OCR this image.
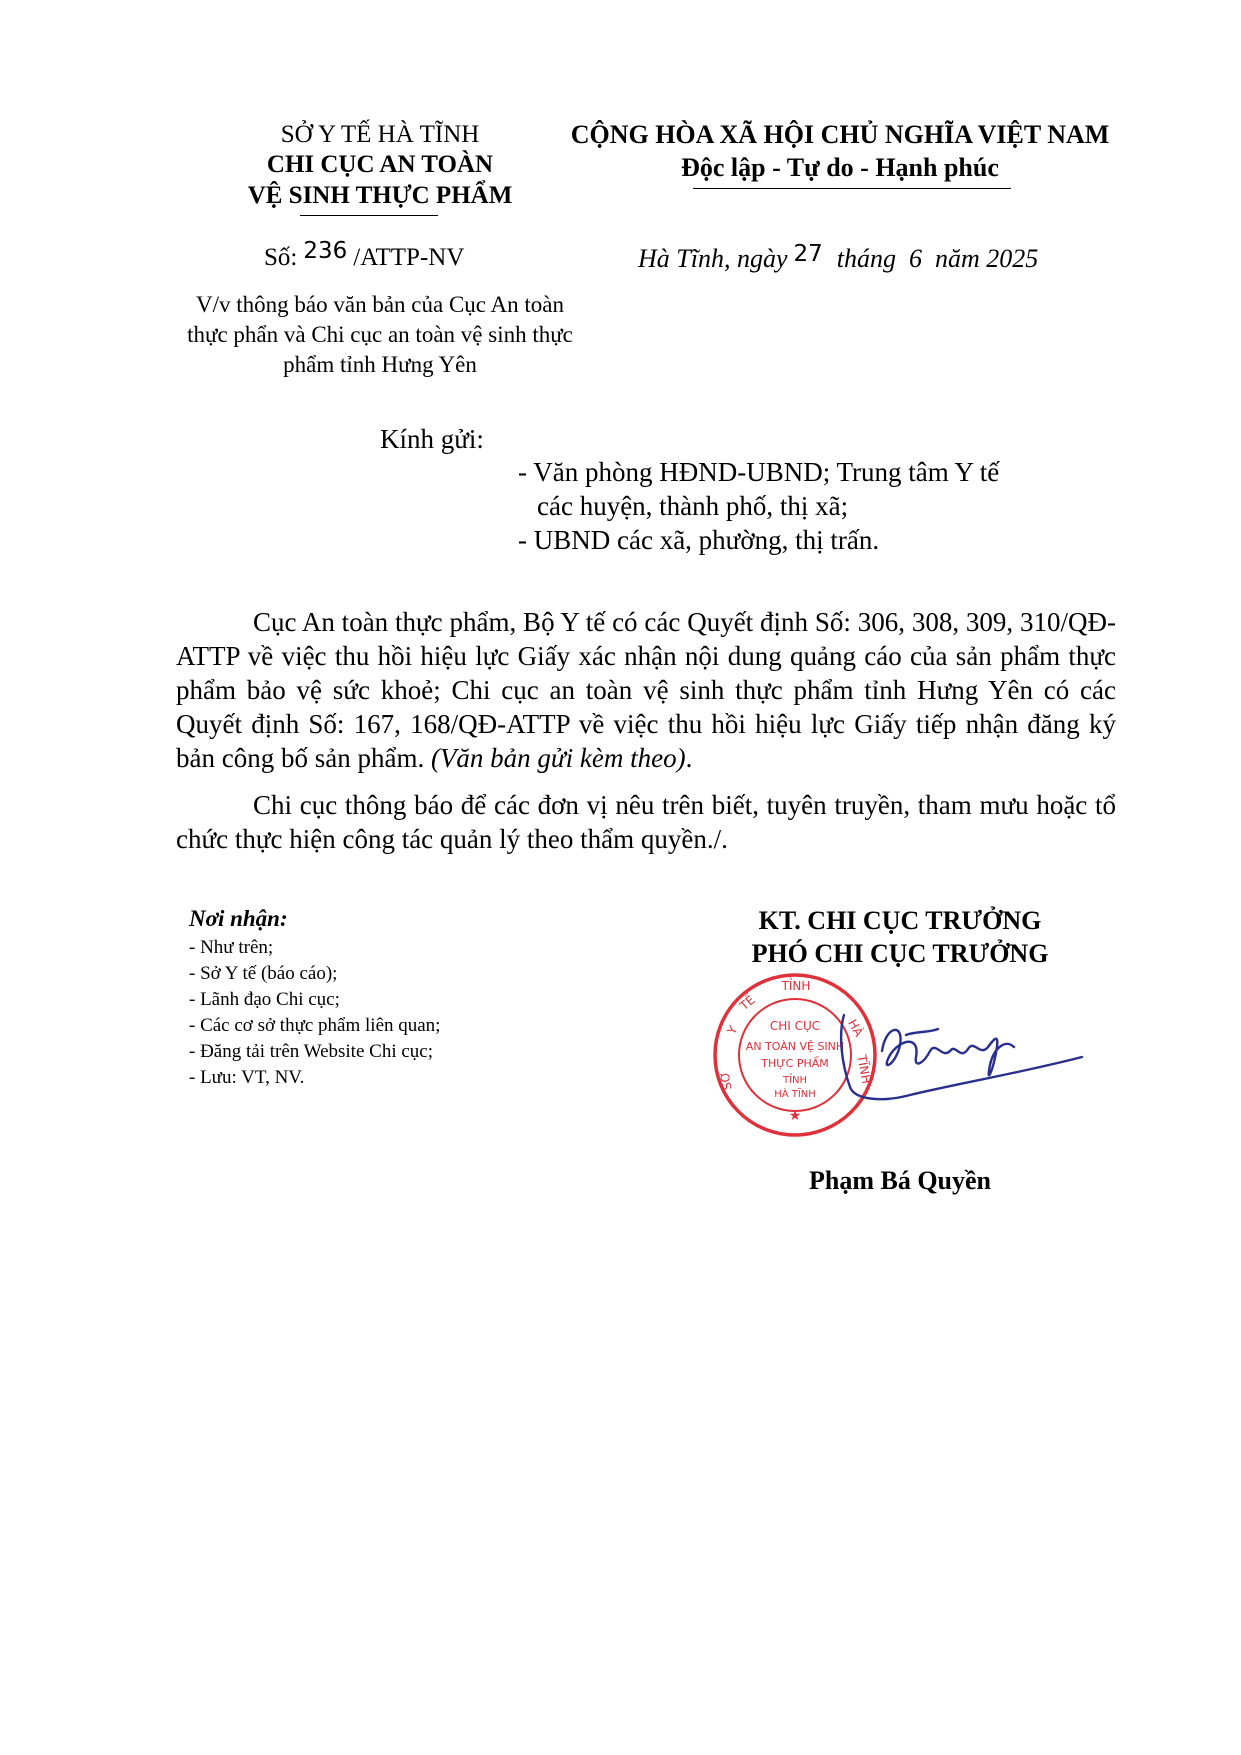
SỞ Y TẾ HÀ TĨNH
CHI CỤC AN TOÀN
VỆ SINH THỰC PHẨM
CỘNG HÒA XÃ HỘI CHỦ NGHĨA VIỆT NAM
Độc lập - Tự do - Hạnh phúc
Số: 236 /ATTP-NV	Hà Tĩnh, ngày 27 tháng  6  năm 2025
V/v thông báo văn bản của Cục An toàn thực phẩn và Chi cục an toàn vệ sinh thực phẩm tỉnh Hưng Yên
Kính gửi:
- Văn phòng HĐND-UBND; Trung tâm Y tế
các huyện, thành phố, thị xã;
- UBND các xã, phường, thị trấn.

Cục An toàn thực phẩm, Bộ Y tế có các Quyết định Số: 306, 308, 309, 310/QĐ-ATTP về việc thu hồi hiệu lực Giấy xác nhận nội dung quảng cáo của sản phẩm thực phẩm bảo vệ sức khoẻ; Chi cục an toàn vệ sinh thực phẩm tỉnh Hưng Yên có các Quyết định Số: 167, 168/QĐ-ATTP về việc thu hồi hiệu lực Giấy tiếp nhận đăng ký bản công bố sản phẩm. (Văn bản gửi kèm theo).

Chi cục thông báo để các đơn vị nêu trên biết, tuyên truyền, tham mưu hoặc tổ chức thực hiện công tác quản lý theo thẩm quyền./.

Nơi nhận:
- Như trên;
- Sở Y tế (báo cáo);
- Lãnh đạo Chi cục;
- Các cơ sở thực phẩm liên quan;
- Đăng tải trên Website Chi cục;
- Lưu: VT, NV.
KT. CHI CỤC TRƯỞNG
PHÓ CHI CỤC TRƯỞNG
Y
TẾ
TỈNH
HÀ
TĨNH
SỞ
★
CHI CỤC
AN TOÀN VỆ SINH
THỰC PHẨM
TỈNH
HÀ TĨNH
Phạm Bá Quyền
